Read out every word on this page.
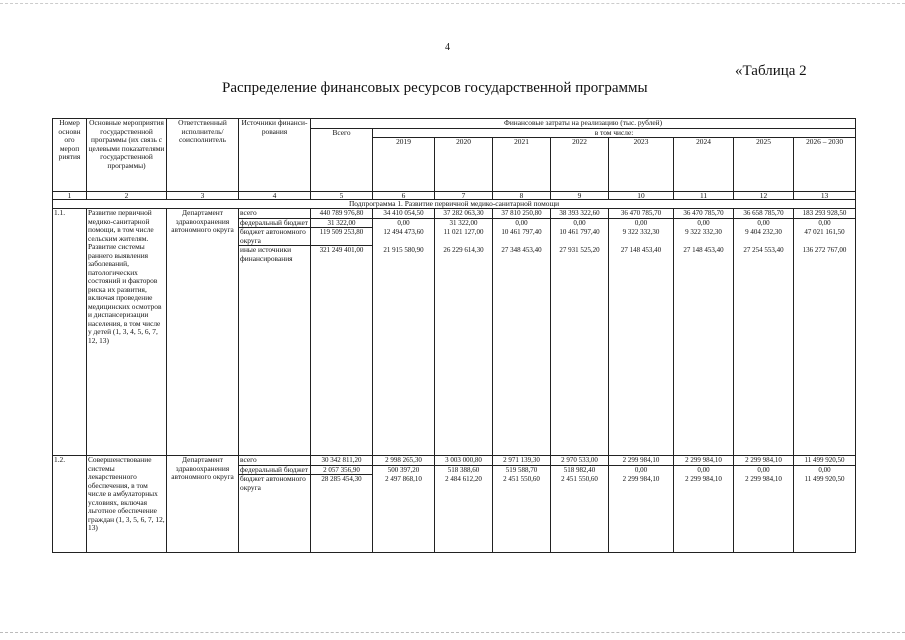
4
«Таблица 2
Распределение финансовых ресурсов государственной программы
Номер основн ого мероп риятия	Основные мероприятия государственной программы (их связь с целевыми показателями государственной программы)	Ответственный исполнитель/ соисполнитель	Источники финанси-рования	Финансовые затраты на реализацию (тыс. рублей)								
				Всего	в том числе:							
					2019	2020	2021	2022	2023	2024	2025	2026 – 2030
1	2	3	4	5	6	7	8	9	10	11	12	13
Подпрограмма 1. Развитие первичной медико-санитарной помощи												
1.1.	Развитие первичной медико-санитарной помощи, в том числе сельским жителям. Развитие системы раннего выявления заболеваний, патологических состояний и факторов риска их развития, включая проведение медицинских осмотров и диспансеризации населения, в том числе у детей (1, 3, 4, 5, 6, 7, 12, 13)	Департамент здравоохранения автономного округа	всего	440 789 976,80	34 410 054,50	37 282 063,30	37 810 250,80	38 393 322,60	36 470 785,70	36 470 785,70	36 658 785,70	183 293 928,50
			федеральный бюджет	31 322,00	0,00	31 322,00	0,00	0,00	0,00	0,00	0,00	0,00
			бюджет автономного округа	119 509 253,80	12 494 473,60	11 021 127,00	10 461 797,40	10 461 797,40	9 322 332,30	9 322 332,30	9 404 232,30	47 021 161,50
			иные источники финансирования	321 249 401,00	21 915 580,90	26 229 614,30	27 348 453,40	27 931 525,20	27 148 453,40	27 148 453,40	27 254 553,40	136 272 767,00
1.2.	Совершенствование системы лекарственного обеспечения, в том числе в амбулаторных условиях, включая льготное обеспечение граждан (1, 3, 5, 6, 7, 12, 13)	Департамент здравоохранения автономного округа	всего	30 342 811,20	2 998 265,30	3 003 000,80	2 971 139,30	2 970 533,00	2 299 984,10	2 299 984,10	2 299 984,10	11 499 920,50
			федеральный бюджет	2 057 356,90	500 397,20	518 388,60	519 588,70	518 982,40	0,00	0,00	0,00	0,00
			бюджет автономного округа	28 285 454,30	2 497 868,10	2 484 612,20	2 451 550,60	2 451 550,60	2 299 984,10	2 299 984,10	2 299 984,10	11 499 920,50
